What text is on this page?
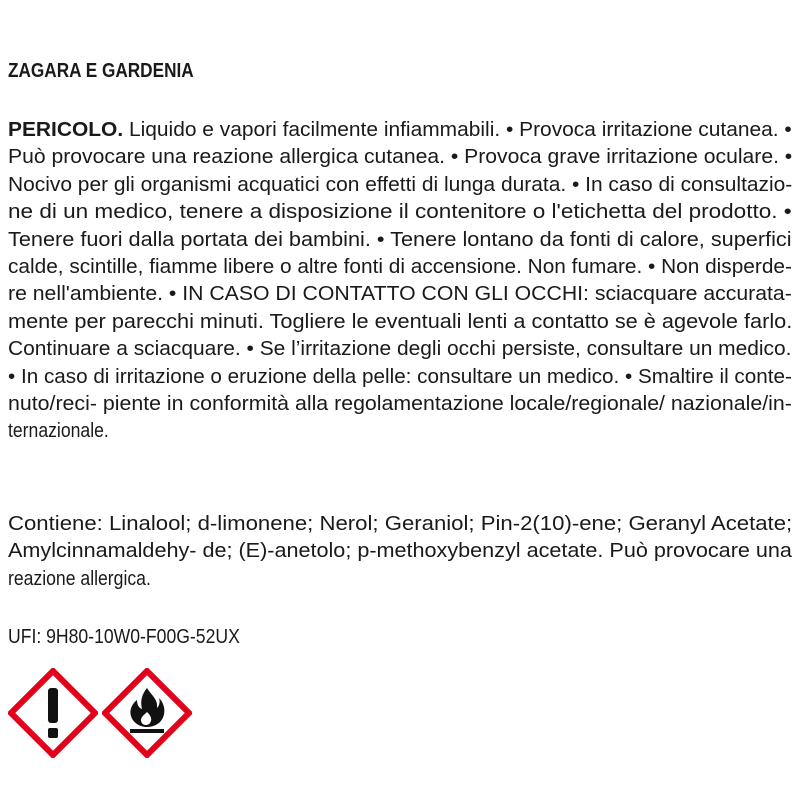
ZAGARA E GARDENIA
PERICOLO. Liquido e vapori facilmente infiammabili. • Provoca irritazione cutanea. •
Può provocare una reazione allergica cutanea. • Provoca grave irritazione oculare. •
Nocivo per gli organismi acquatici con effetti di lunga durata. • In caso di consultazio-
ne di un medico, tenere a disposizione il contenitore o l'etichetta del prodotto. •
Tenere fuori dalla portata dei bambini. • Tenere lontano da fonti di calore, superfici
calde, scintille, fiamme libere o altre fonti di accensione. Non fumare. • Non disperde-
re nell'ambiente. • IN CASO DI CONTATTO CON GLI OCCHI: sciacquare accurata-
mente per parecchi minuti. Togliere le eventuali lenti a contatto se è agevole farlo.
Continuare a sciacquare. • Se l’irritazione degli occhi persiste, consultare un medico.
• In caso di irritazione o eruzione della pelle: consultare un medico. • Smaltire il conte-
nuto/reci- piente in conformità alla regolamentazione locale/regionale/ nazionale/in-
ternazionale.
Contiene: Linalool; d-limonene; Nerol; Geraniol; Pin-2(10)-ene; Geranyl Acetate;
Amylcinnamaldehy- de; (E)-anetolo; p-methoxybenzyl acetate. Può provocare una
reazione allergica.
UFI: 9H80-10W0-F00G-52UX
